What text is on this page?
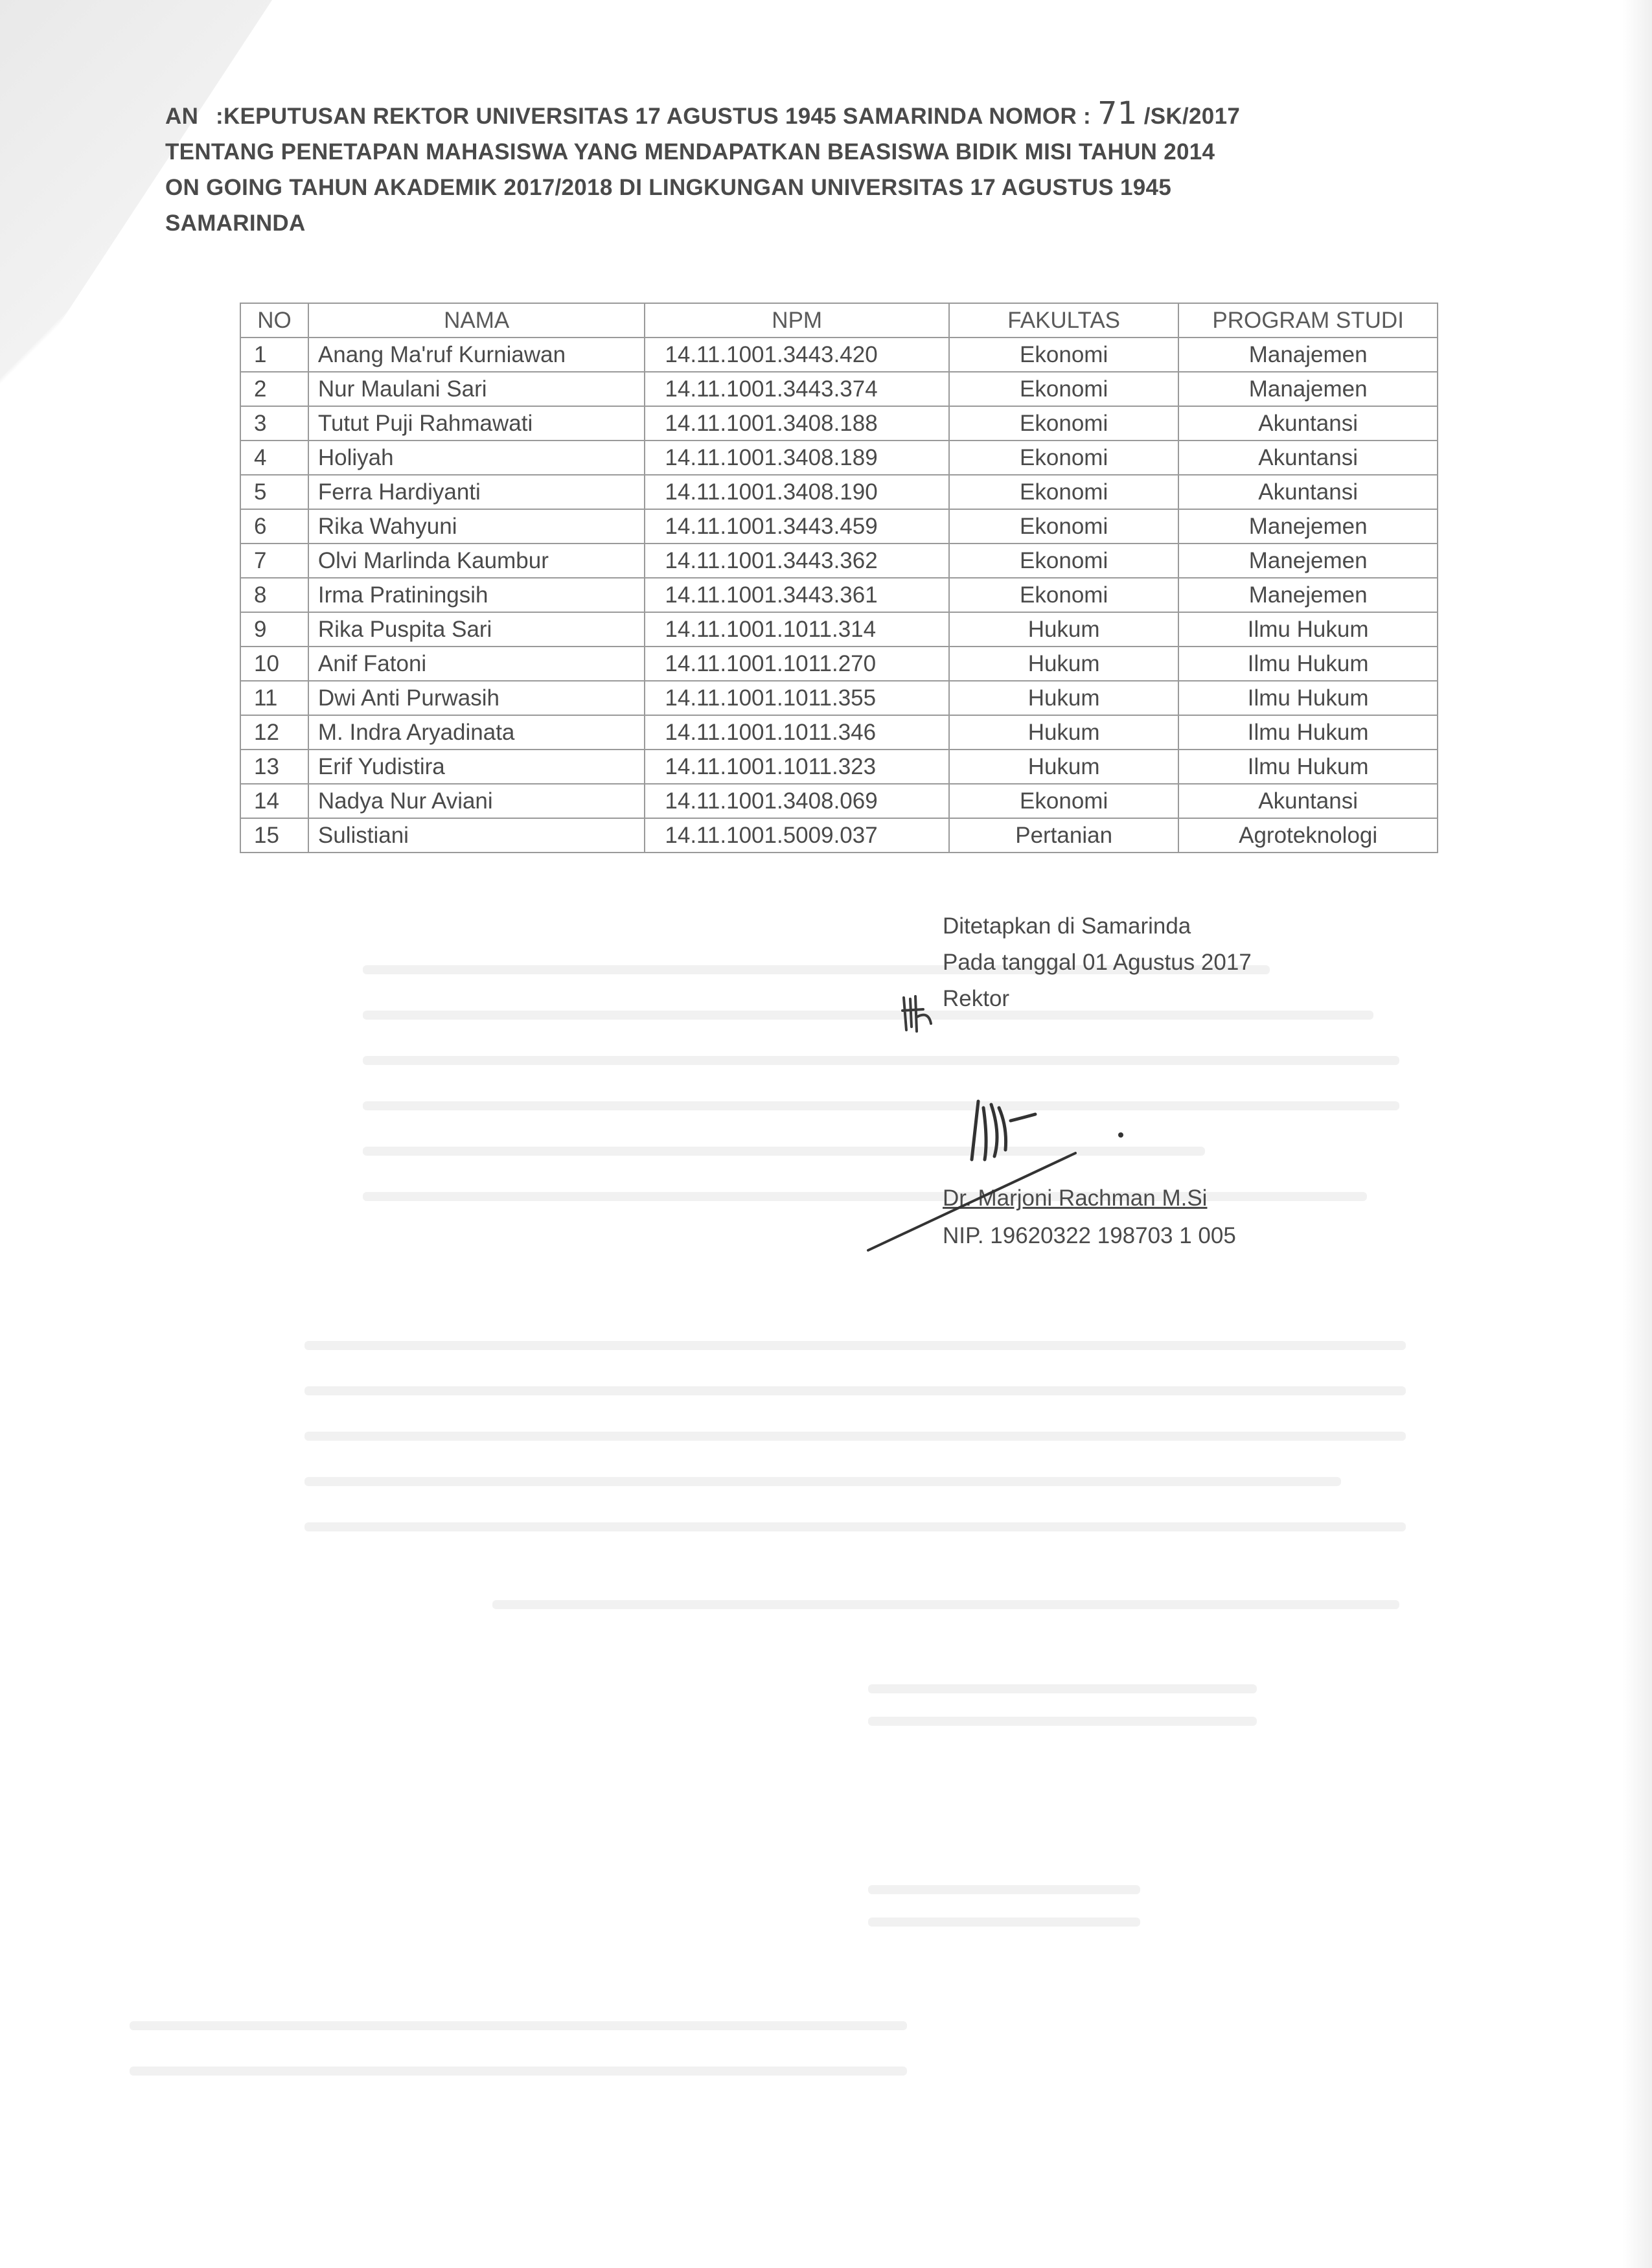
AN :KEPUTUSAN REKTOR UNIVERSITAS 17 AGUSTUS 1945 SAMARINDA NOMOR : 71 /SK/2017
TENTANG PENETAPAN MAHASISWA YANG MENDAPATKAN BEASISWA BIDIK MISI TAHUN 2014
ON GOING TAHUN AKADEMIK 2017/2018 DI LINGKUNGAN UNIVERSITAS 17 AGUSTUS 1945
SAMARINDA
NO	NAMA	NPM	FAKULTAS	PROGRAM STUDI
1	Anang Ma'ruf Kurniawan	14.11.1001.3443.420	Ekonomi	Manajemen
2	Nur Maulani Sari	14.11.1001.3443.374	Ekonomi	Manajemen
3	Tutut Puji Rahmawati	14.11.1001.3408.188	Ekonomi	Akuntansi
4	Holiyah	14.11.1001.3408.189	Ekonomi	Akuntansi
5	Ferra Hardiyanti	14.11.1001.3408.190	Ekonomi	Akuntansi
6	Rika Wahyuni	14.11.1001.3443.459	Ekonomi	Manejemen
7	Olvi Marlinda Kaumbur	14.11.1001.3443.362	Ekonomi	Manejemen
8	Irma Pratiningsih	14.11.1001.3443.361	Ekonomi	Manejemen
9	Rika Puspita Sari	14.11.1001.1011.314	Hukum	Ilmu Hukum
10	Anif Fatoni	14.11.1001.1011.270	Hukum	Ilmu Hukum
11	Dwi Anti Purwasih	14.11.1001.1011.355	Hukum	Ilmu Hukum
12	M. Indra Aryadinata	14.11.1001.1011.346	Hukum	Ilmu Hukum
13	Erif Yudistira	14.11.1001.1011.323	Hukum	Ilmu Hukum
14	Nadya Nur Aviani	14.11.1001.3408.069	Ekonomi	Akuntansi
15	Sulistiani	14.11.1001.5009.037	Pertanian	Agroteknologi
Ditetapkan di Samarinda
Pada tanggal 01 Agustus 2017
Rektor
Dr. Marjoni Rachman M.Si
NIP. 19620322 198703 1 005
